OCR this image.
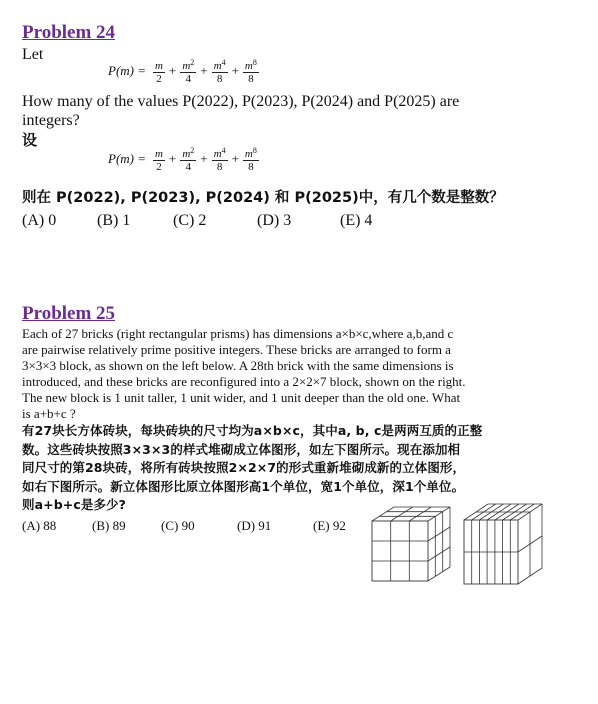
Problem 24
Let
$P(m) = \frac{m}{2} + \frac{m^2}{4} + \frac{m^4}{8} + \frac{m^8}{8}$
How many of the values P(2022), P(2023), P(2024) and P(2025) are
integers?
设
$P(m) = \frac{m}{2} + \frac{m^2}{4} + \frac{m^4}{8} + \frac{m^8}{8}$
则在 P(2022), P(2023), P(2024) 和 P(2025)中，有几个数是整数？
(A) 0	(B) 1	(C) 2	(D) 3	(E) 4
Problem 25
Each of 27 bricks (right rectangular prisms) has dimensions a×b×c,where a,b,and c
are pairwise relatively prime positive integers. These bricks are arranged to form a
3×3×3 block, as shown on the left below. A 28th brick with the same dimensions is
introduced, and these bricks are reconfigured into a 2×2×7 block, shown on the right.
The new block is 1 unit taller, 1 unit wider, and 1 unit deeper than the old one. What
is a+b+c ?
有27块长方体砖块，每块砖块的尺寸均为a×b×c，其中a, b, c是两两互质的正整
数。这些砖块按照3×3×3的样式堆砌成立体图形，如左下图所示。现在添加相
同尺寸的第28块砖，将所有砖块按照2×2×7的形式重新堆砌成新的立体图形，
如右下图所示。新立体图形比原立体图形高1个单位，宽1个单位，深1个单位。
则a+b+c是多少?
(A) 88	(B) 89	(C) 90	(D) 91	(E) 92
